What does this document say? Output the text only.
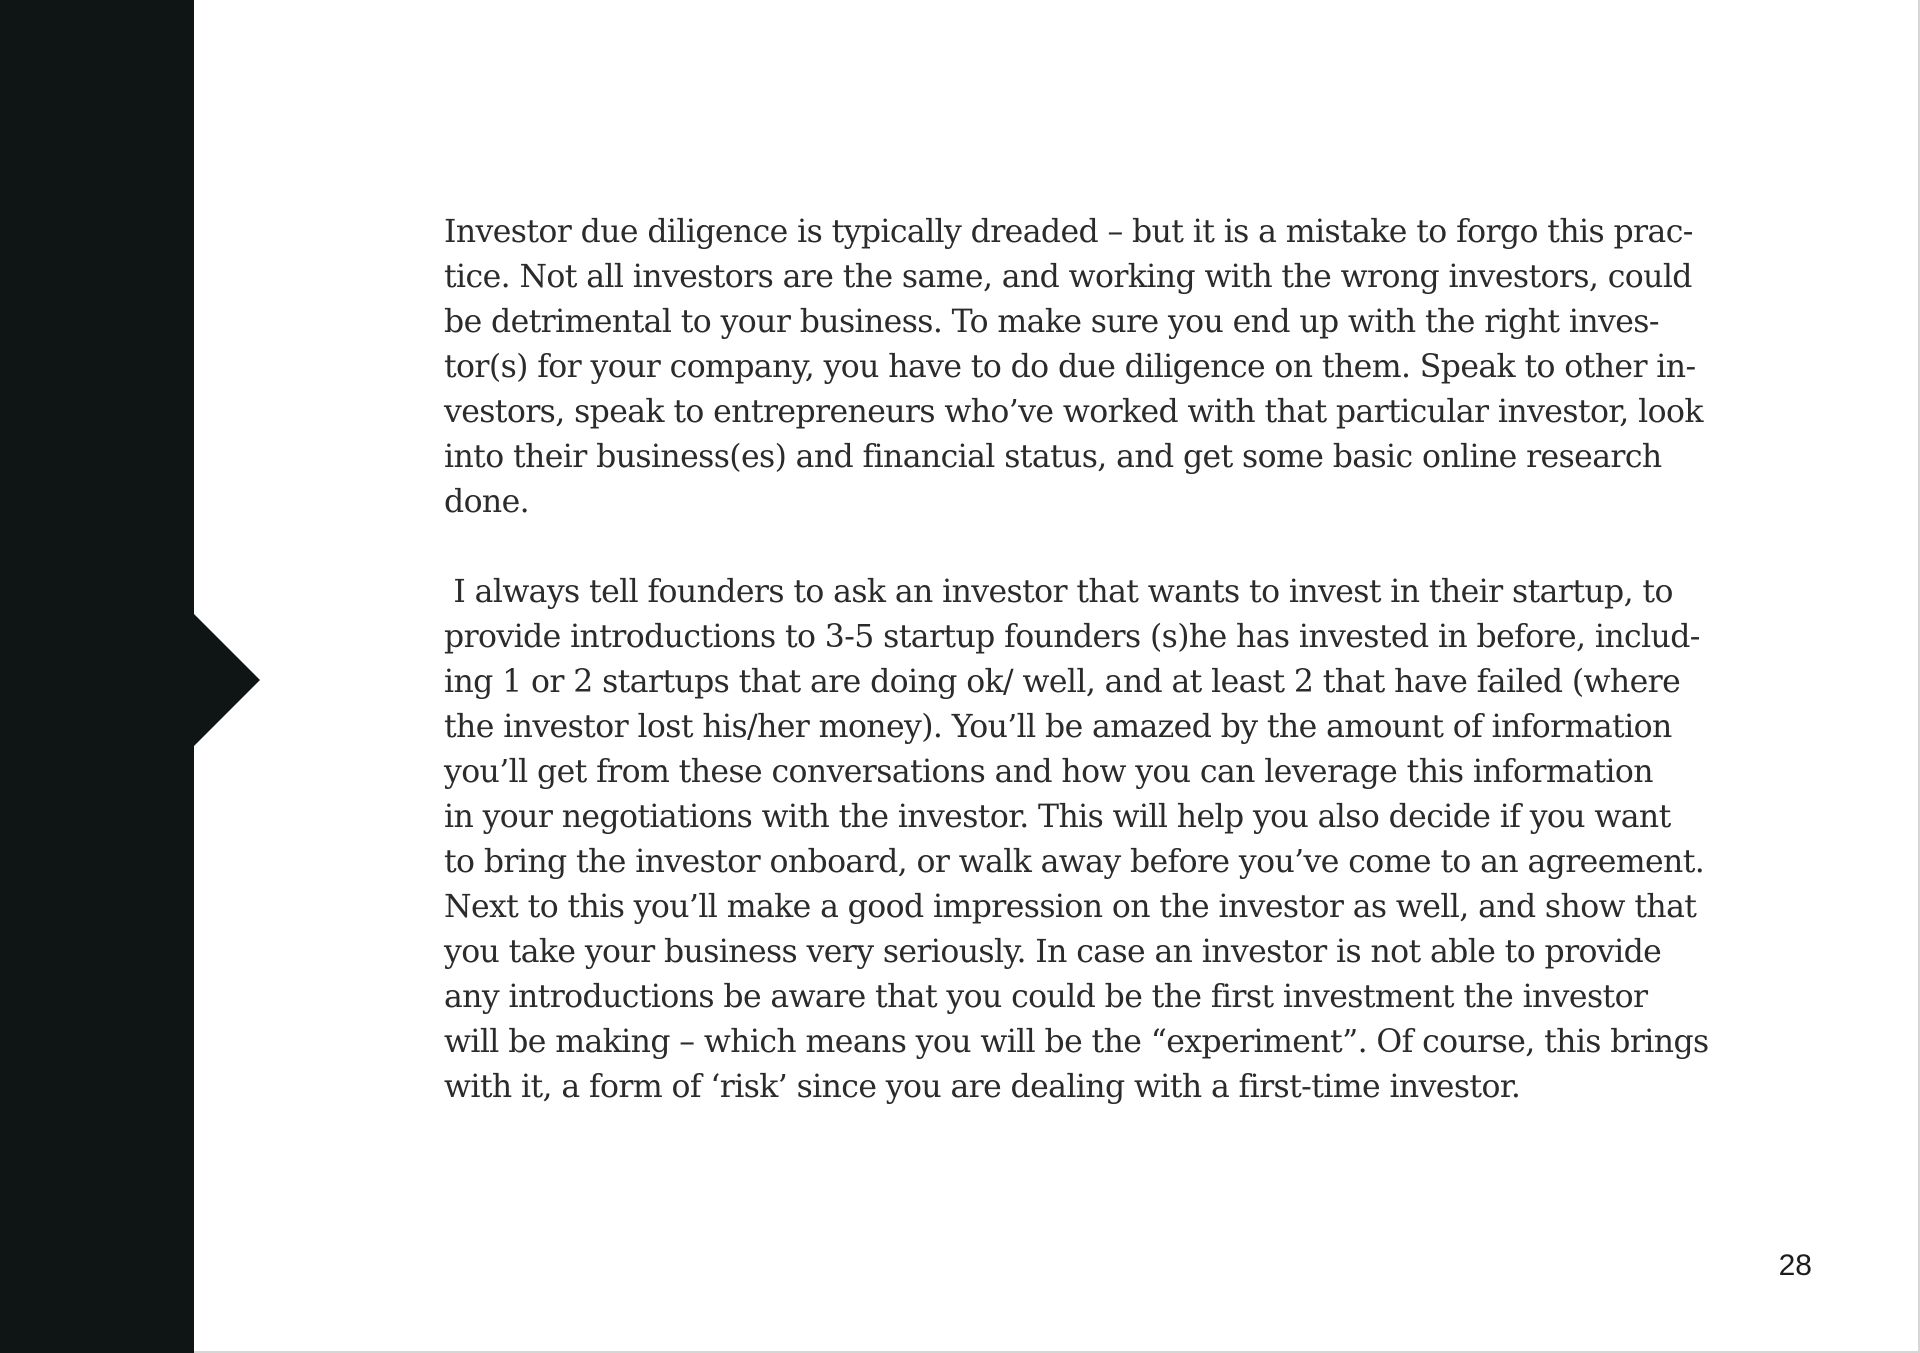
Investor due diligence is typically dreaded – but it is a mistake to forgo this prac-
tice. Not all investors are the same, and working with the wrong investors, could
be detrimental to your business. To make sure you end up with the right inves-
tor(s) for your company, you have to do due diligence on them. Speak to other in-
vestors, speak to entrepreneurs who’ve worked with that particular investor, look
into their business(es) and financial status, and get some basic online research
done.

I always tell founders to ask an investor that wants to invest in their startup, to
provide introductions to 3-5 startup founders (s)he has invested in before, includ-
ing 1 or 2 startups that are doing ok/ well, and at least 2 that have failed (where
the investor lost his/her money). You’ll be amazed by the amount of information
you’ll get from these conversations and how you can leverage this information
in your negotiations with the investor. This will help you also decide if you want
to bring the investor onboard, or walk away before you’ve come to an agreement.
Next to this you’ll make a good impression on the investor as well, and show that
you take your business very seriously. In case an investor is not able to provide
any introductions be aware that you could be the first investment the investor
will be making – which means you will be the “experiment”. Of course, this brings
with it, a form of ‘risk’ since you are dealing with a first-time investor.

28
